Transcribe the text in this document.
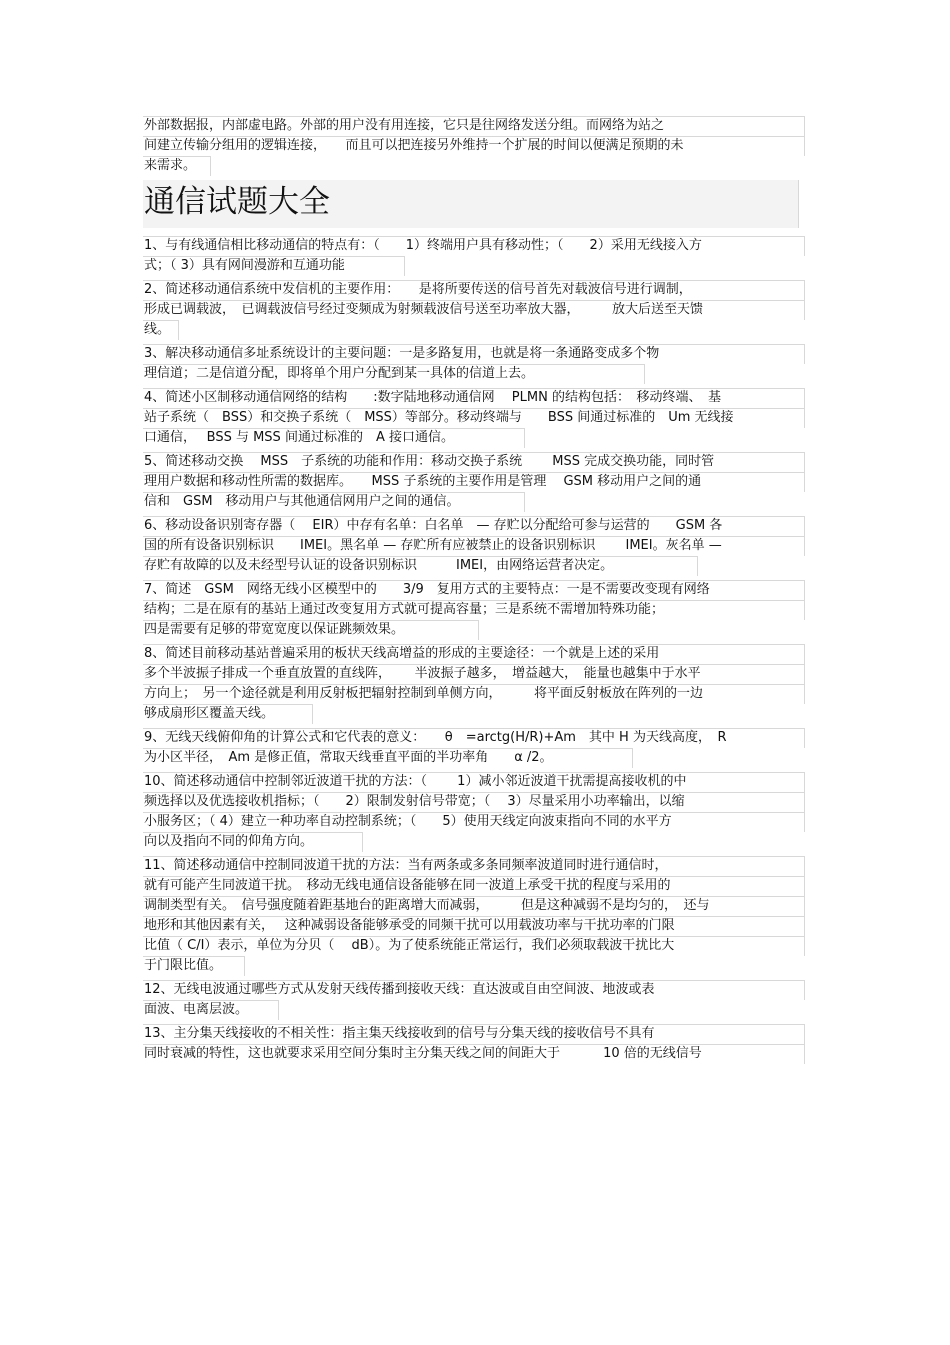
外部数据报，内部虚电路。外部的用户没有用连接，它只是往网络发送分组。而网络为站之
间建立传输分组用的逻辑连接，　　而且可以把连接另外维持一个扩展的时间以便满足预期的未
来需求。
通信试题大全
1、与有线通信相比移动通信的特点有：（　　1）终端用户具有移动性；（　　2）采用无线接入方
式；（ 3）具有网间漫游和互通功能
2、简述移动通信系统中发信机的主要作用：　　是将所要传送的信号首先对载波信号进行调制，
形成已调载波，　已调载波信号经过变频成为射频载波信号送至功率放大器，　　　放大后送至天馈
线。
3、解决移动通信多址系统设计的主要问题：一是多路复用，也就是将一条通路变成多个物
理信道；二是信道分配，即将单个用户分配到某一具体的信道上去。
4、简述小区制移动通信网络的结构　　:数字陆地移动通信网　 PLMN 的结构包括：　移动终端、　基
站子系统（　BSS）和交换子系统（　MSS）等部分。移动终端与　　BSS 间通过标准的　Um 无线接
口通信，　 BSS 与 MSS 间通过标准的　A 接口通信。
5、简述移动交换　 MSS　子系统的功能和作用：移动交换子系统　　 MSS 完成交换功能，同时管
理用户数据和移动性所需的数据库。　　MSS 子系统的主要作用是管理　 GSM 移动用户之间的通
信和　GSM　移动用户与其他通信网用户之间的通信。
6、移动设备识别寄存器（　 EIR）中存有名单：白名单　— 存贮以分配给可参与运营的　　GSM 各
国的所有设备识别标识　　IMEI。黑名单 — 存贮所有应被禁止的设备识别标识　　 IMEI。灰名单 —
存贮有故障的以及未经型号认证的设备识别标识　　　IMEI，由网络运营者决定。
7、简述　GSM　网络无线小区模型中的　　3/9　复用方式的主要特点：一是不需要改变现有网络
结构；二是在原有的基站上通过改变复用方式就可提高容量；三是系统不需增加特殊功能；
四是需要有足够的带宽宽度以保证跳频效果。
8、简述目前移动基站普遍采用的板状天线高增益的形成的主要途径：一个就是上述的采用
多个半波振子排成一个垂直放置的直线阵，　　 半波振子越多，　增益越大，　能量也越集中于水平
方向上；　另一个途径就是利用反射板把辐射控制到单侧方向，　　　将平面反射板放在阵列的一边
够成扇形区覆盖天线。
9、无线天线俯仰角的计算公式和它代表的意义：　　θ　=arctg(H/R)+Am　其中 H 为天线高度，　R
为小区半径，　Am 是修正值，常取天线垂直平面的半功率角　　α /2。
10、简述移动通信中控制邻近波道干扰的方法：（　　 1）减小邻近波道干扰需提高接收机的中
频选择以及优选接收机指标；（　　2）限制发射信号带宽；（　 3）尽量采用小功率输出，以缩
小服务区；（ 4）建立一种功率自动控制系统；（　　5）使用天线定向波束指向不同的水平方
向以及指向不同的仰角方向。
11、简述移动通信中控制同波道干扰的方法：当有两条或多条同频率波道同时进行通信时，
就有可能产生同波道干扰。　移动无线电通信设备能够在同一波道上承受干扰的程度与采用的
调制类型有关。　信号强度随着距基地台的距离增大而减弱，　　　但是这种减弱不是均匀的，　还与
地形和其他因素有关，　 这种减弱设备能够承受的同频干扰可以用载波功率与干扰功率的门限
比值（ C/I）表示，单位为分贝（　 dB）。为了使系统能正常运行，我们必须取载波干扰比大
于门限比值。
12、无线电波通过哪些方式从发射天线传播到接收天线：直达波或自由空间波、地波或表
面波、电离层波。
13、主分集天线接收的不相关性：指主集天线接收到的信号与分集天线的接收信号不具有
同时衰减的特性，这也就要求采用空间分集时主分集天线之间的间距大于　　　 10 倍的无线信号
